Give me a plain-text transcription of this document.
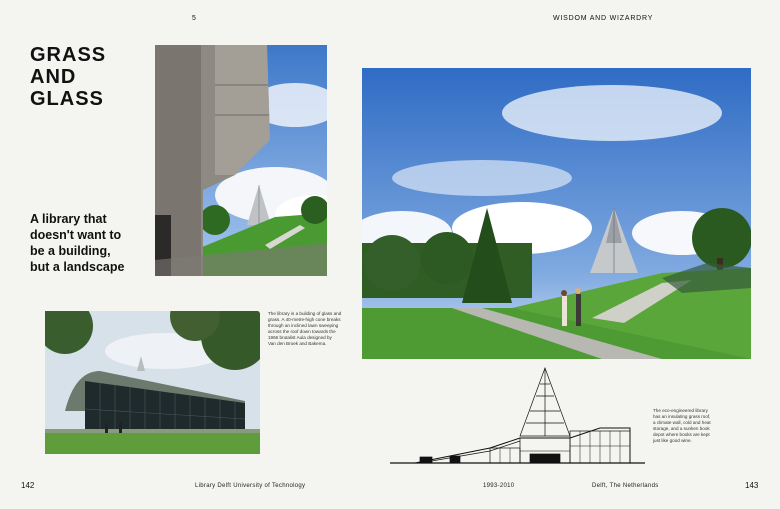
5	WISDOM AND WIZARDRY
GRASS
AND
GLASS
A library that
doesn't want to
be a building,
but a landscape
The library is a building of glass and
grass. A 40-metre-high cone breaks
through an inclined lawn sweeping
across the roof down towards the
1966 brutalist Aula designed by
Van den Broek and Bakema.
The eco-engineered library
has an insulating grass roof,
a climate wall, cold and heat
storage, and a sunken book
depot where books are kept
just like good wine.
142	Library Delft University of Technology	1993-2010	Delft, The Netherlands	143
